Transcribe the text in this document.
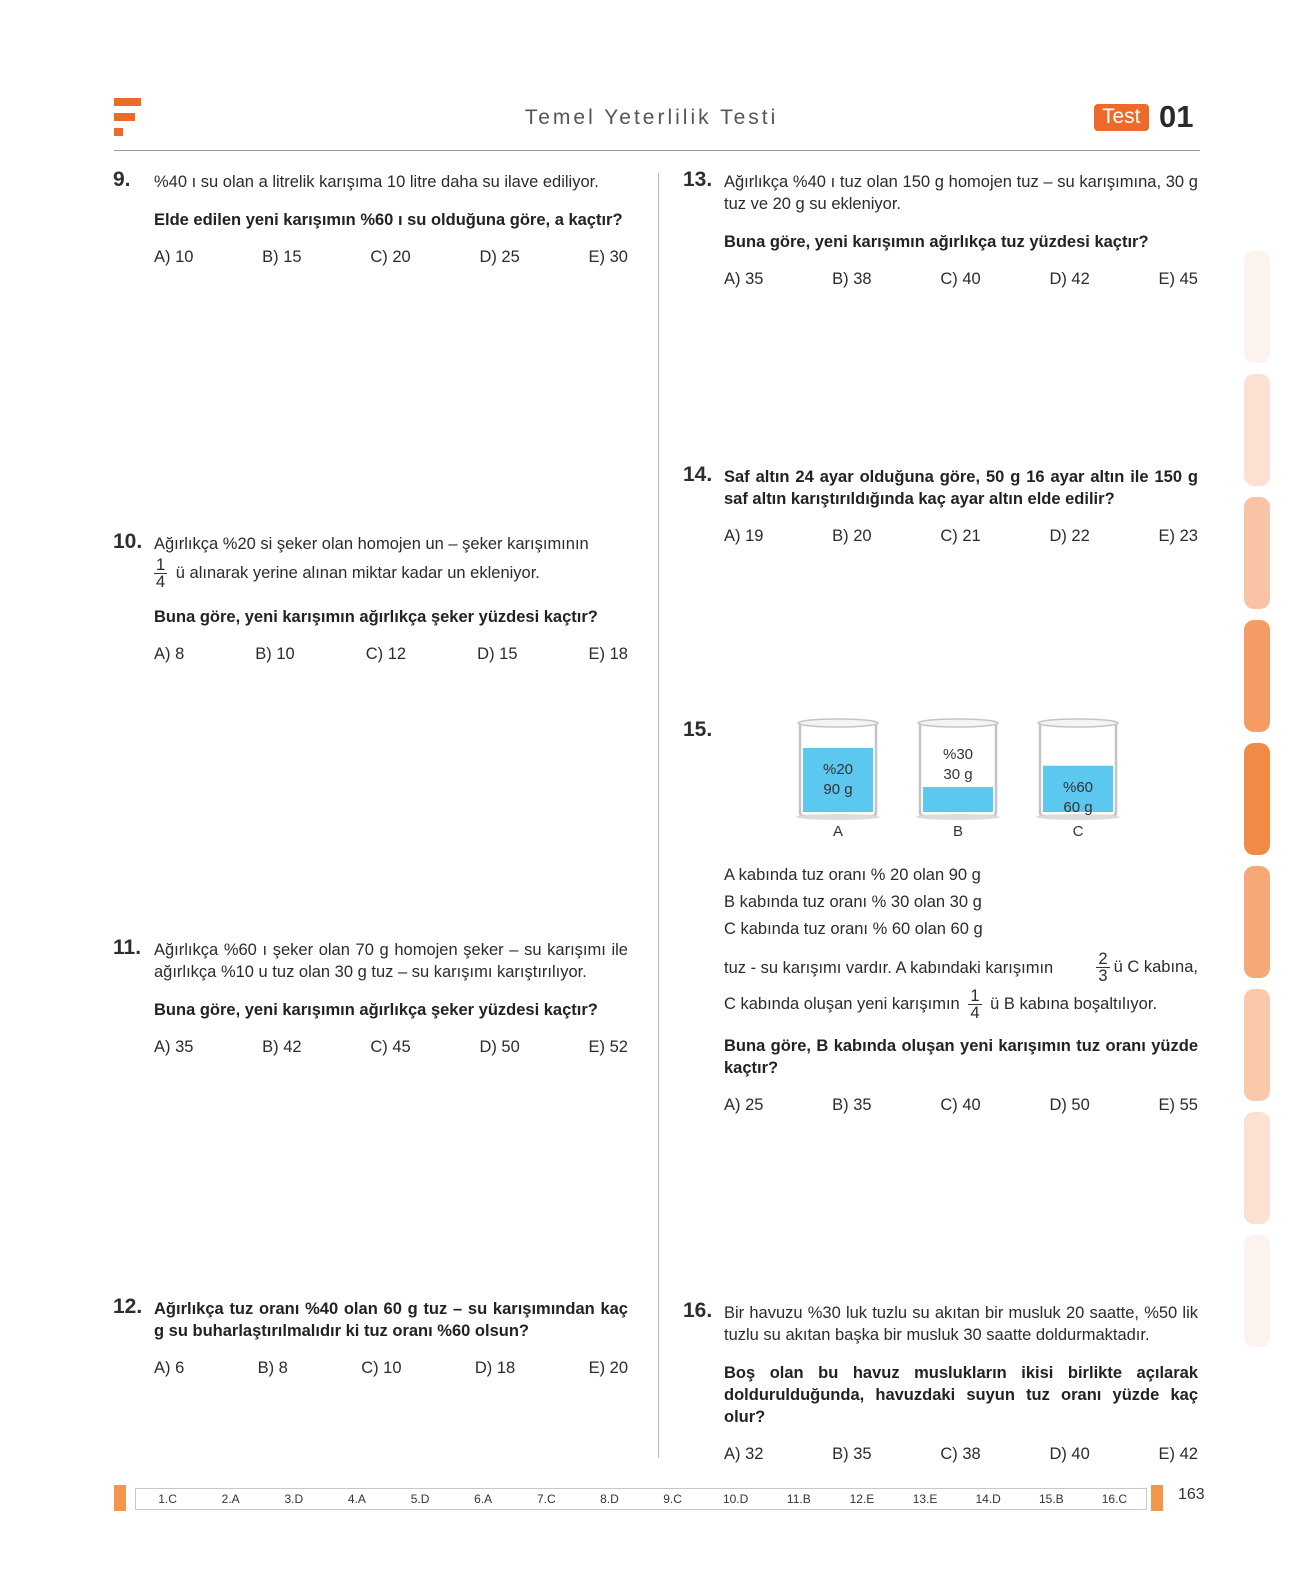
Temel Yeterlilik Testi	Test 01
9. %40 ı su olan a litrelik karışıma 10 litre daha su ilave ediliyor.
Elde edilen yeni karışımın %60 ı su olduğuna göre, a kaçtır?
A) 10	B) 15	C) 20	D) 25	E) 30
10. Ağırlıkça %20 si şeker olan homojen un – şeker karışımının
$\frac{1}{4}$ ü alınarak yerine alınan miktar kadar un ekleniyor.
Buna göre, yeni karışımın ağırlıkça şeker yüzdesi kaçtır?
A) 8	B) 10	C) 12	D) 15	E) 18
11. Ağırlıkça %60 ı şeker olan 70 g homojen şeker – su karışımı ile ağırlıkça %10 u tuz olan 30 g tuz – su karışımı karıştırılıyor.
Buna göre, yeni karışımın ağırlıkça şeker yüzdesi kaçtır?
A) 35	B) 42	C) 45	D) 50	E) 52
12. Ağırlıkça tuz oranı %40 olan 60 g tuz – su karışımından kaç g su buharlaştırılmalıdır ki tuz oranı %60 olsun?
A) 6	B) 8	C) 10	D) 18	E) 20
13. Ağırlıkça %40 ı tuz olan 150 g homojen tuz – su karışımına, 30 g tuz ve 20 g su ekleniyor.
Buna göre, yeni karışımın ağırlıkça tuz yüzdesi kaçtır?
A) 35	B) 38	C) 40	D) 42	E) 45
14. Saf altın 24 ayar olduğuna göre, 50 g 16 ayar altın ile 150 g saf altın karıştırıldığında kaç ayar altın elde edilir?
A) 19	B) 20	C) 21	D) 22	E) 23
15.
%20
90 g
A
%30
30 g
B
%60
60 g
C
A kabında tuz oranı % 20 olan 90 g
B kabında tuz oranı % 30 olan 30 g
C kabında tuz oranı % 60 olan 60 g
tuz - su karışımı vardır. A kabındaki karışımın	$\frac{2}{3}$ ü C kabına,
C kabında oluşan yeni karışımın $\frac{1}{4}$ ü B kabına boşaltılıyor.
Buna göre, B kabında oluşan yeni karışımın tuz oranı yüzde kaçtır?
A) 25	B) 35	C) 40	D) 50	E) 55
16. Bir havuzu %30 luk tuzlu su akıtan bir musluk 20 saatte, %50 lik tuzlu su akıtan başka bir musluk 30 saatte doldurmaktadır.
Boş olan bu havuz muslukların ikisi birlikte açılarak doldurulduğunda, havuzdaki suyun tuz oranı yüzde kaç olur?
A) 32	B) 35	C) 38	D) 40	E) 42
1.C	2.A	3.D	4.A	5.D	6.A	7.C	8.D	9.C	10.D	11.B	12.E	13.E	14.D	15.B	16.C	163
